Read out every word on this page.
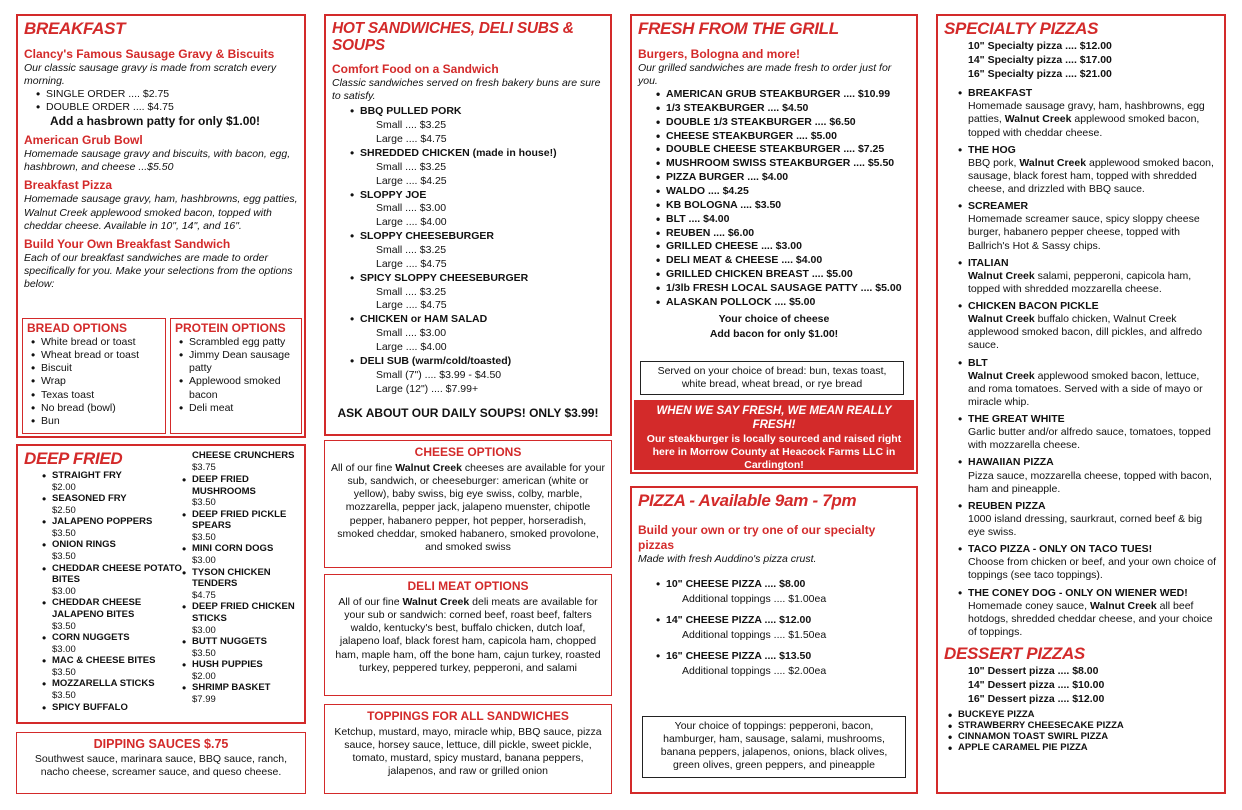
BREAKFAST
Clancy's Famous Sausage Gravy & Biscuits
Our classic sausage gravy is made from scratch every morning.
• SINGLE ORDER .... $2.75
• DOUBLE ORDER .... $4.75
Add a hasbrown patty for only $1.00!
American Grub Bowl
Homemade sausage gravy and biscuits, with bacon, egg, hashbrown, and cheese ...$5.50
Breakfast Pizza
Homemade sausage gravy, ham, hashbrowns, egg patties, Walnut Creek applewood smoked bacon, topped with cheddar cheese. Available in 10", 14", and 16".
Build Your Own Breakfast Sandwich
Each of our breakfast sandwiches are made to order specifically for you. Make your selections from the options below:
BREAD OPTIONS
• White bread or toast
• Wheat bread or toast
• Biscuit
• Wrap
• Texas toast
• No bread (bowl)
• Bun
PROTEIN OPTIONS
• Scrambled egg patty
• Jimmy Dean sausage patty
• Applewood smoked bacon
• Deli meat
DEEP FRIED
• STRAIGHT FRY
$2.00
• SEASONED FRY
$2.50
• JALAPENO POPPERS
$3.50
• ONION RINGS
$3.50
• CHEDDAR CHEESE POTATO BITES
$3.00
• CHEDDAR CHEESE JALAPENO BITES
$3.50
• CORN NUGGETS
$3.00
• MAC & CHEESE BITES
$3.50
• MOZZARELLA STICKS
$3.50
• SPICY BUFFALO
CHEESE CRUNCHERS
$3.75
• DEEP FRIED MUSHROOMS
$3.50
• DEEP FRIED PICKLE SPEARS
$3.50
• MINI CORN DOGS
$3.00
• TYSON CHICKEN TENDERS
$4.75
• DEEP FRIED CHICKEN STICKS
$3.00
• BUTT NUGGETS
$3.50
• HUSH PUPPIES
$2.00
• SHRIMP BASKET
$7.99
DIPPING SAUCES $.75
Southwest sauce, marinara sauce, BBQ sauce, ranch, nacho cheese, screamer sauce, and queso cheese.
HOT SANDWICHES, DELI SUBS & SOUPS
Comfort Food on a Sandwich
Classic sandwiches served on fresh bakery buns are sure to satisfy.
• BBQ PULLED PORK
Small .... $3.25
Large .... $4.75
• SHREDDED CHICKEN (made in house!)
Small .... $3.25
Large .... $4.25
• SLOPPY JOE
Small .... $3.00
Large .... $4.00
• SLOPPY CHEESEBURGER
Small .... $3.25
Large .... $4.75
• SPICY SLOPPY CHEESEBURGER
Small .... $3.25
Large .... $4.75
• CHICKEN or HAM SALAD
Small .... $3.00
Large .... $4.00
• DELI SUB (warm/cold/toasted)
Small (7") .... $3.99 - $4.50
Large (12") .... $7.99+
ASK ABOUT OUR DAILY SOUPS! ONLY $3.99!
CHEESE OPTIONS
All of our fine Walnut Creek cheeses are available for your sub, sandwich, or cheeseburger: american (white or yellow), baby swiss, big eye swiss, colby, marble, mozzarella, pepper jack, jalapeno muenster, chipotle pepper, habanero pepper, hot pepper, horseradish, smoked cheddar, smoked habanero, smoked provolone, and smoked swiss
DELI MEAT OPTIONS
All of our fine Walnut Creek deli meats are available for your sub or sandwich: corned beef, roast beef, falters waldo, kentucky's best, buffalo chicken, dutch loaf, jalapeno loaf, black forest ham, capicola ham, chopped ham, maple ham, off the bone ham, cajun turkey, roasted turkey, peppered turkey, pepperoni, and salami
TOPPINGS FOR ALL SANDWICHES
Ketchup, mustard, mayo, miracle whip, BBQ sauce, pizza sauce, horsey sauce, lettuce, dill pickle, sweet pickle, tomato, mustard, spicy mustard, banana peppers, jalapenos, and raw or grilled onion
FRESH FROM THE GRILL
Burgers, Bologna and more!
Our grilled sandwiches are made fresh to order just for you.
• AMERICAN GRUB STEAKBURGER .... $10.99
• 1/3 STEAKBURGER .... $4.50
• DOUBLE 1/3 STEAKBURGER .... $6.50
• CHEESE STEAKBURGER .... $5.00
• DOUBLE CHEESE STEAKBURGER .... $7.25
• MUSHROOM SWISS STEAKBURGER .... $5.50
• PIZZA BURGER .... $4.00
• WALDO .... $4.25
• KB BOLOGNA .... $3.50
• BLT .... $4.00
• REUBEN .... $6.00
• GRILLED CHEESE .... $3.00
• DELI MEAT & CHEESE .... $4.00
• GRILLED CHICKEN BREAST .... $5.00
• 1/3lb FRESH LOCAL SAUSAGE PATTY .... $5.00
• ALASKAN POLLOCK .... $5.00
Your choice of cheese
Add bacon for only $1.00!
Served on your choice of bread: bun, texas toast, white bread, wheat bread, or rye bread
WHEN WE SAY FRESH, WE MEAN REALLY FRESH!
Our steakburger is locally sourced and raised right here in Morrow County at Heacock Farms LLC in Cardington!
PIZZA - Available 9am - 7pm
Build your own or try one of our specialty pizzas
Made with fresh Auddino's pizza crust.
• 10" CHEESE PIZZA .... $8.00
Additional toppings .... $1.00ea
• 14" CHEESE PIZZA .... $12.00
Additional toppings .... $1.50ea
• 16" CHEESE PIZZA .... $13.50
Additional toppings .... $2.00ea
Your choice of toppings: pepperoni, bacon, hamburger, ham, sausage, salami, mushrooms, banana peppers, jalapenos, onions, black olives, green olives, green peppers, and pineapple
SPECIALTY PIZZAS
10" Specialty pizza .... $12.00
14" Specialty pizza .... $17.00
16" Specialty pizza .... $21.00
• BREAKFAST
Homemade sausage gravy, ham, hashbrowns, egg patties, Walnut Creek applewood smoked bacon, topped with cheddar cheese.
• THE HOG
BBQ pork, Walnut Creek applewood smoked bacon, sausage, black forest ham, topped with shredded cheese, and drizzled with BBQ sauce.
• SCREAMER
Homemade screamer sauce, spicy sloppy cheese burger, habanero pepper cheese, topped with Ballrich's Hot & Sassy chips.
• ITALIAN
Walnut Creek salami, pepperoni, capicola ham, topped with shredded mozzarella cheese.
• CHICKEN BACON PICKLE
Walnut Creek buffalo chicken, Walnut Creek applewood smoked bacon, dill pickles, and alfredo sauce.
• BLT
Walnut Creek applewood smoked bacon, lettuce, and roma tomatoes. Served with a side of mayo or miracle whip.
• THE GREAT WHITE
Garlic butter and/or alfredo sauce, tomatoes, topped with mozzarella cheese.
• HAWAIIAN PIZZA
Pizza sauce, mozzarella cheese, topped with bacon, ham and pineapple.
• REUBEN PIZZA
1000 island dressing, saurkraut, corned beef & big eye swiss.
• TACO PIZZA - ONLY ON TACO TUES!
Choose from chicken or beef, and your own choice of toppings (see taco toppings).
• THE CONEY DOG - ONLY ON WIENER WED!
Homemade coney sauce, Walnut Creek all beef hotdogs, shredded cheddar cheese, and your choice of toppings.
DESSERT PIZZAS
10" Dessert pizza .... $8.00
14" Dessert pizza .... $10.00
16" Dessert pizza .... $12.00
• BUCKEYE PIZZA
• STRAWBERRY CHEESECAKE PIZZA
• CINNAMON TOAST SWIRL PIZZA
• APPLE CARAMEL PIE PIZZA
